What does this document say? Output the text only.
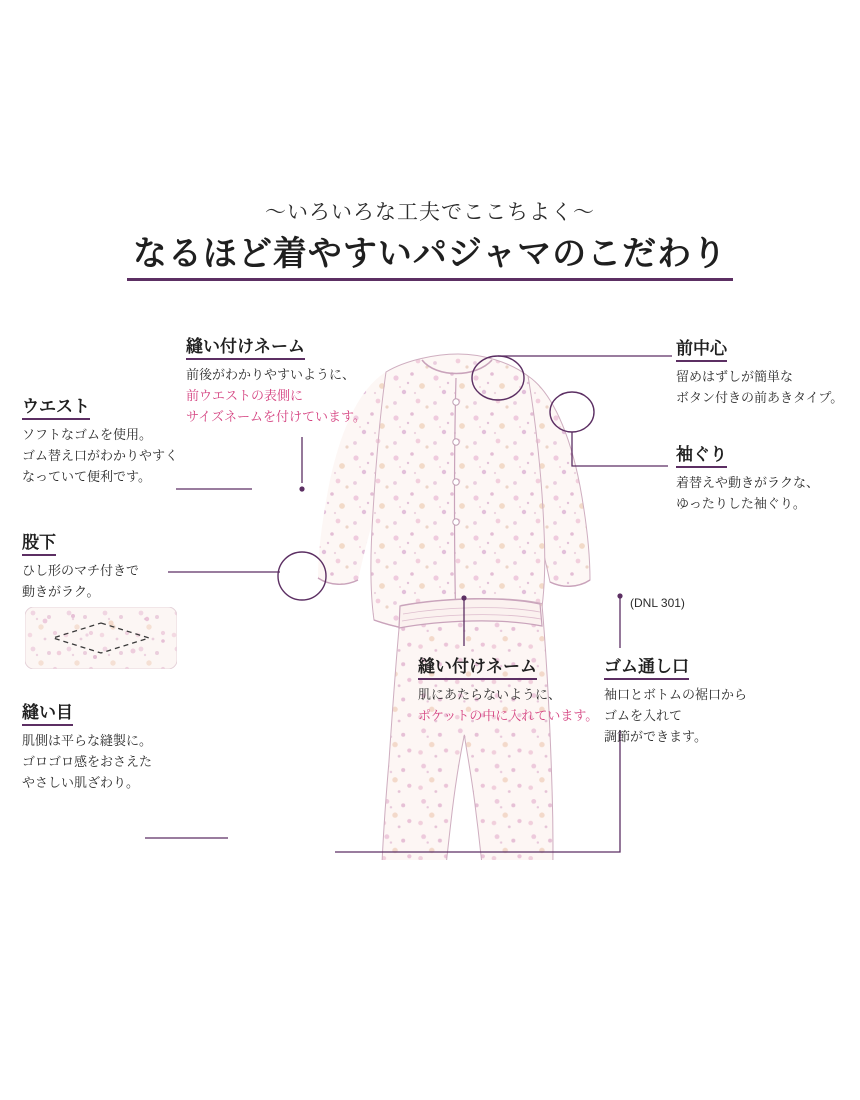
〜いろいろな工夫でここちよく〜
なるほど着やすいパジャマのこだわり
ウエスト
ソフトなゴムを使用。
ゴム替え口がわかりやすく
なっていて便利です。
縫い付けネーム
前後がわかりやすいように、
前ウエストの表側に
サイズネームを付けています。
前中心
留めはずしが簡単な
ボタン付きの前あきタイプ。
袖ぐり
着替えや動きがラクな、
ゆったりした袖ぐり。
股下
ひし形のマチ付きで
動きがラク。
縫い目
肌側は平らな縫製に。
ゴロゴロ感をおさえた
やさしい肌ざわり。
縫い付けネーム
肌にあたらないように、
ポケットの中に入れています。
ゴム通し口
袖口とボトムの裾口から
ゴムを入れて
調節ができます。
(DNL 301)
